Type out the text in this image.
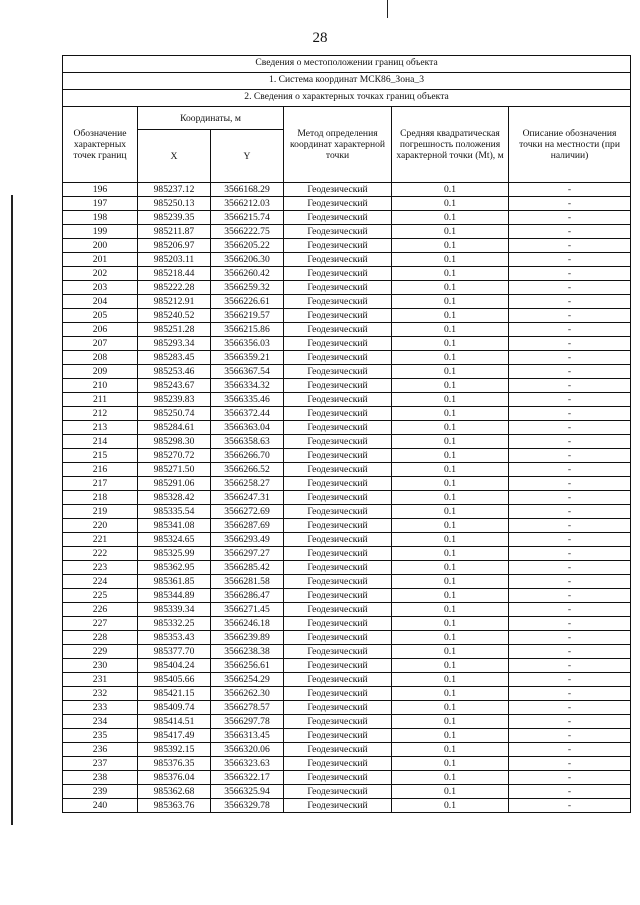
28
Сведения о местоположении границ объекта					
1. Система координат МСК86_Зона_3					
2. Сведения о характерных точках границ объекта					
Обозначение характерных точек границ	Координаты, м		Метод определения координат характерной точки	Средняя квадратическая погрешность положения характерной точки (Mt), м	Описание обозначения точки на местности (при наличии)
	X	Y			
196	985237.12	3566168.29	Геодезический	0.1	-
197	985250.13	3566212.03	Геодезический	0.1	-
198	985239.35	3566215.74	Геодезический	0.1	-
199	985211.87	3566222.75	Геодезический	0.1	-
200	985206.97	3566205.22	Геодезический	0.1	-
201	985203.11	3566206.30	Геодезический	0.1	-
202	985218.44	3566260.42	Геодезический	0.1	-
203	985222.28	3566259.32	Геодезический	0.1	-
204	985212.91	3566226.61	Геодезический	0.1	-
205	985240.52	3566219.57	Геодезический	0.1	-
206	985251.28	3566215.86	Геодезический	0.1	-
207	985293.34	3566356.03	Геодезический	0.1	-
208	985283.45	3566359.21	Геодезический	0.1	-
209	985253.46	3566367.54	Геодезический	0.1	-
210	985243.67	3566334.32	Геодезический	0.1	-
211	985239.83	3566335.46	Геодезический	0.1	-
212	985250.74	3566372.44	Геодезический	0.1	-
213	985284.61	3566363.04	Геодезический	0.1	-
214	985298.30	3566358.63	Геодезический	0.1	-
215	985270.72	3566266.70	Геодезический	0.1	-
216	985271.50	3566266.52	Геодезический	0.1	-
217	985291.06	3566258.27	Геодезический	0.1	-
218	985328.42	3566247.31	Геодезический	0.1	-
219	985335.54	3566272.69	Геодезический	0.1	-
220	985341.08	3566287.69	Геодезический	0.1	-
221	985324.65	3566293.49	Геодезический	0.1	-
222	985325.99	3566297.27	Геодезический	0.1	-
223	985362.95	3566285.42	Геодезический	0.1	-
224	985361.85	3566281.58	Геодезический	0.1	-
225	985344.89	3566286.47	Геодезический	0.1	-
226	985339.34	3566271.45	Геодезический	0.1	-
227	985332.25	3566246.18	Геодезический	0.1	-
228	985353.43	3566239.89	Геодезический	0.1	-
229	985377.70	3566238.38	Геодезический	0.1	-
230	985404.24	3566256.61	Геодезический	0.1	-
231	985405.66	3566254.29	Геодезический	0.1	-
232	985421.15	3566262.30	Геодезический	0.1	-
233	985409.74	3566278.57	Геодезический	0.1	-
234	985414.51	3566297.78	Геодезический	0.1	-
235	985417.49	3566313.45	Геодезический	0.1	-
236	985392.15	3566320.06	Геодезический	0.1	-
237	985376.35	3566323.63	Геодезический	0.1	-
238	985376.04	3566322.17	Геодезический	0.1	-
239	985362.68	3566325.94	Геодезический	0.1	-
240	985363.76	3566329.78	Геодезический	0.1	-
